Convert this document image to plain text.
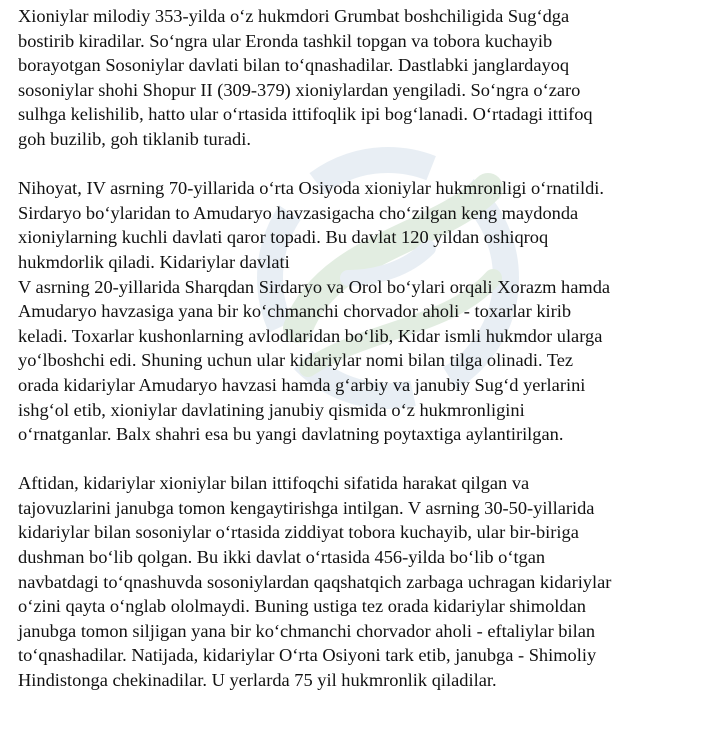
Xioniylar milodiy 353-yilda o‘z hukmdori Grumbat boshchiligida Sug‘dga
bostirib kiradilar. So‘ngra ular Eronda tashkil topgan va tobora kuchayib
borayotgan Sosoniylar davlati bilan to‘qnashadilar. Dastlabki janglardayoq
sosoniylar shohi Shopur II (309-379) xioniylardan yengiladi. So‘ngra o‘zaro
sulhga kelishilib, hatto ular o‘rtasida ittifoqlik ipi bog‘lanadi. O‘rtadagi ittifoq
goh buzilib, goh tiklanib turadi.

Nihoyat, IV asrning 70-yillarida o‘rta Osiyoda xioniylar hukmronligi o‘rnatildi.
Sirdaryo bo‘ylaridan to Amudaryo havzasigacha cho‘zilgan keng maydonda
xioniylarning kuchli davlati qaror topadi. Bu davlat 120 yildan oshiqroq
hukmdorlik qiladi. Kidariylar davlati
V asrning 20-yillarida Sharqdan Sirdaryo va Orol bo‘ylari orqali Xorazm hamda
Amudaryo havzasiga yana bir ko‘chmanchi chorvador aholi - toxarlar kirib
keladi. Toxarlar kushonlarning avlodlaridan bo‘lib, Kidar ismli hukmdor ularga
yo‘lboshchi edi. Shuning uchun ular kidariylar nomi bilan tilga olinadi. Tez
orada kidariylar Amudaryo havzasi hamda g‘arbiy va janubiy Sug‘d yerlarini
ishg‘ol etib, xioniylar davlatining janubiy qismida o‘z hukmronligini
o‘rnatganlar. Balx shahri esa bu yangi davlatning poytaxtiga aylantirilgan.

Aftidan, kidariylar xioniylar bilan ittifoqchi sifatida harakat qilgan va
tajovuzlarini janubga tomon kengaytirishga intilgan. V asrning 30-50-yillarida
kidariylar bilan sosoniylar o‘rtasida ziddiyat tobora kuchayib, ular bir-biriga
dushman bo‘lib qolgan. Bu ikki davlat o‘rtasida 456-yilda bo‘lib o‘tgan
navbatdagi to‘qnashuvda sosoniylardan qaqshatqich zarbaga uchragan kidariylar
o‘zini qayta o‘nglab ololmaydi. Buning ustiga tez orada kidariylar shimoldan
janubga tomon siljigan yana bir ko‘chmanchi chorvador aholi - eftaliylar bilan
to‘qnashadilar. Natijada, kidariylar O‘rta Osiyoni tark etib, janubga - Shimoliy
Hindistonga chekinadilar. U yerlarda 75 yil hukmronlik qiladilar.
